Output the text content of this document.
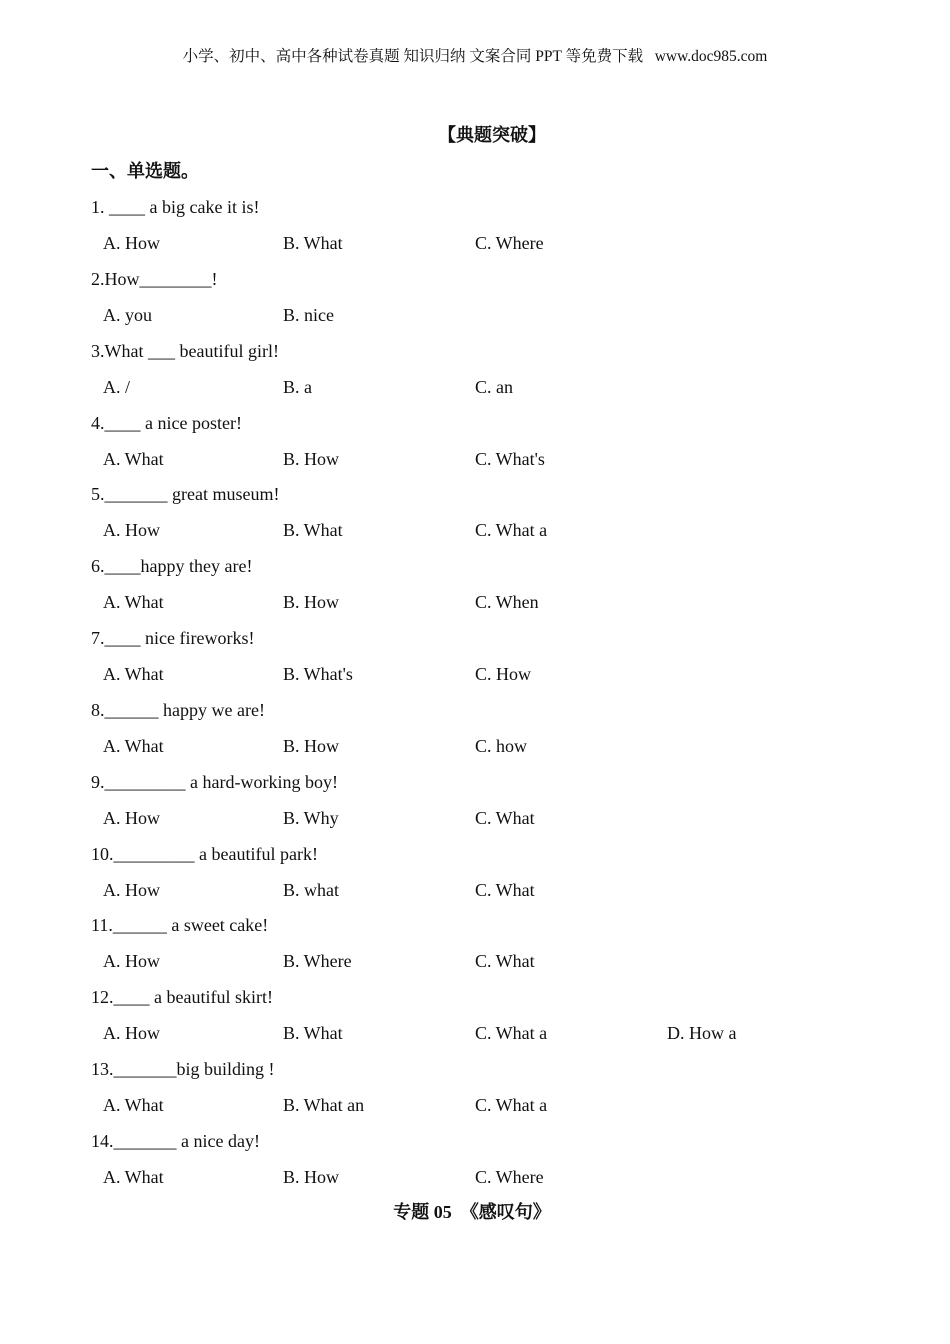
小学、初中、高中各种试卷真题 知识归纳 文案合同 PPT 等免费下载   www.doc985.com
【典题突破】
一、单选题。
1. ____ a big cake it is!
A. How	B. What	C. Where
2.How________!
A. you	B. nice
3.What ___ beautiful girl!
A. /	B. a	C. an
4.____ a nice poster!
A. What	B. How	C. What's
5._______ great museum!
A. How	B. What	C. What a
6.____happy they are!
A. What	B. How	C. When
7.____ nice fireworks!
A. What	B. What's	C. How
8.______ happy we are!
A. What	B. How	C. how
9._________ a hard-working boy!
A. How	B. Why	C. What
10._________ a beautiful park!
A. How	B. what	C. What
11.______ a sweet cake!
A. How	B. Where	C. What
12.____ a beautiful skirt!
A. How	B. What	C. What a	D. How a
13._______big building !
A. What	B. What an	C. What a
14._______ a nice day!
A. What	B. How	C. Where
专题 05  《感叹句》
